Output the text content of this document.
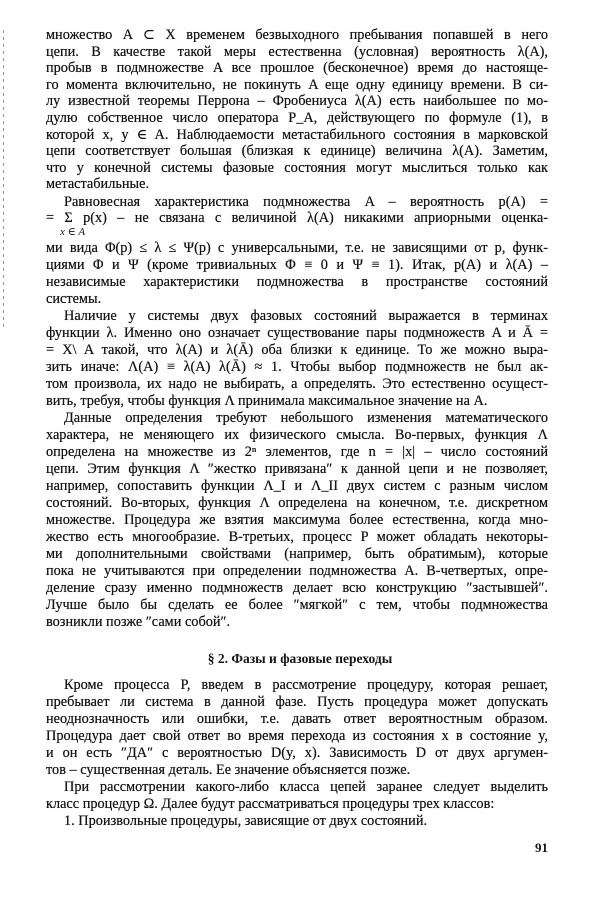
множество A ⊂ X временем безвыходного пребывания попавшей в него
цепи. В качестве такой меры естественна (условная) вероятность λ(A),
пробыв в подмножестве A все прошлое (бесконечное) время до настояще-
го момента включительно, не покинуть A еще одну единицу времени. В си-
лу известной теоремы Перрона – Фробениуса λ(A) есть наибольшее по мо-
дулю собственное число оператора P_A, действующего по формуле (1), в
которой x, y ∈ A. Наблюдаемости метастабильного состояния в марковской
цепи соответствует большая (близкая к единице) величина λ(A). Заметим,
что у конечной системы фазовые состояния могут мыслиться только как
метастабильные.
Равновесная характеристика подмножества A – вероятность p(A) =
= Σ p(x) – не связана с величиной λ(A) никакими априорными оценка-
ми вида Φ(p) ≤ λ ≤ Ψ(p) с универсальными, т.е. не зависящими от p, функ-
циями Φ и Ψ (кроме тривиальных Φ ≡ 0 и Ψ ≡ 1). Итак, p(A) и λ(A) –
независимые характеристики подмножества в пространстве состояний
системы.
Наличие у системы двух фазовых состояний выражается в терминах
функции λ. Именно оно означает существование пары подмножеств A и Ā =
= X\ A такой, что λ(A) и λ(Ā) оба близки к единице. То же можно выра-
зить иначе: Λ(A) ≡ λ(A) λ(Ā) ≈ 1. Чтобы выбор подмножеств не был ак-
том произвола, их надо не выбирать, а определять. Это естественно осущест-
вить, требуя, чтобы функция Λ принимала максимальное значение на A.
Данные определения требуют небольшого изменения математического
характера, не меняющего их физического смысла. Во-первых, функция Λ
определена на множестве из 2ⁿ элементов, где n = |x| – число состояний
цепи. Этим функция Λ ″жестко привязана″ к данной цепи и не позволяет,
например, сопоставить функции Λ_I и Λ_II двух систем с разным числом
состояний. Во-вторых, функция Λ определена на конечном, т.е. дискретном
множестве. Процедура же взятия максимума более естественна, когда мно-
жество есть многообразие. В-третьих, процесс P может обладать некоторы-
ми дополнительными свойствами (например, быть обратимым), которые
пока не учитываются при определении подмножества A. В-четвертых, опре-
деление сразу именно подмножеств делает всю конструкцию ″застывшей″.
Лучше было бы сделать ее более ″мягкой″ с тем, чтобы подмножества
возникли позже ″сами собой″.
Кроме процесса P, введем в рассмотрение процедуру, которая решает,
пребывает ли система в данной фазе. Пусть процедура может допускать
неоднозначность или ошибки, т.е. давать ответ вероятностным образом.
Процедура дает свой ответ во время перехода из состояния x в состояние y,
и он есть ″ДА″ с вероятностью D(y, x). Зависимость D от двух аргумен-
тов – существенная деталь. Ее значение объясняется позже.
При рассмотрении какого-либо класса цепей заранее следует выделить
класс процедур Ω. Далее будут рассматриваться процедуры трех классов:
1. Произвольные процедуры, зависящие от двух состояний.
x ∈ A
§ 2. Фазы и фазовые переходы
91
